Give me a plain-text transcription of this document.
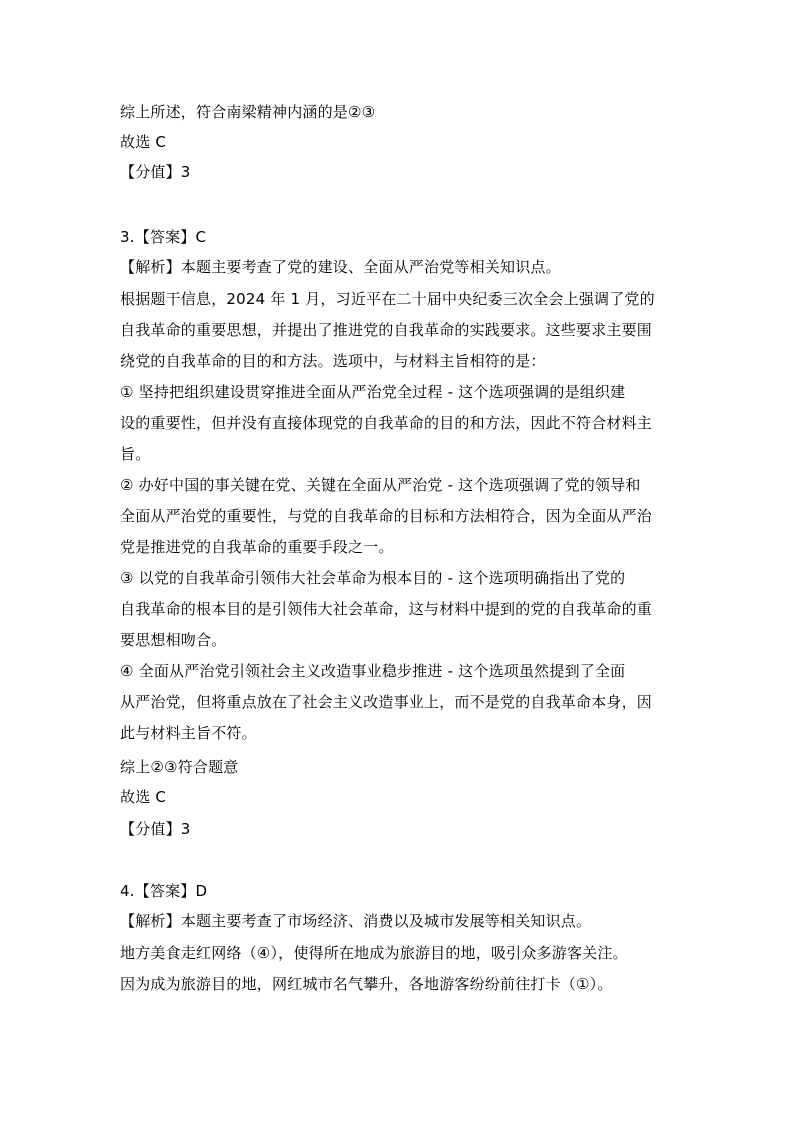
综上所述，符合南梁精神内涵的是②③
故选 C
【分值】3
3.【答案】C
【解析】本题主要考查了党的建设、全面从严治党等相关知识点。
根据题干信息，2024 年 1 月，习近平在二十届中央纪委三次全会上强调了党的
自我革命的重要思想，并提出了推进党的自我革命的实践要求。这些要求主要围
绕党的自我革命的目的和方法。选项中，与材料主旨相符的是：
① 坚持把组织建设贯穿推进全面从严治党全过程 - 这个选项强调的是组织建
设的重要性，但并没有直接体现党的自我革命的目的和方法，因此不符合材料主
旨。
② 办好中国的事关键在党、关键在全面从严治党 - 这个选项强调了党的领导和
全面从严治党的重要性，与党的自我革命的目标和方法相符合，因为全面从严治
党是推进党的自我革命的重要手段之一。
③ 以党的自我革命引领伟大社会革命为根本目的 - 这个选项明确指出了党的
自我革命的根本目的是引领伟大社会革命，这与材料中提到的党的自我革命的重
要思想相吻合。
④ 全面从严治党引领社会主义改造事业稳步推进 - 这个选项虽然提到了全面
从严治党，但将重点放在了社会主义改造事业上，而不是党的自我革命本身，因
此与材料主旨不符。
综上②③符合题意
故选 C
【分值】3
4.【答案】D
【解析】本题主要考查了市场经济、消费以及城市发展等相关知识点。
地方美食走红网络（④），使得所在地成为旅游目的地，吸引众多游客关注。
因为成为旅游目的地，网红城市名气攀升，各地游客纷纷前往打卡（①）。
